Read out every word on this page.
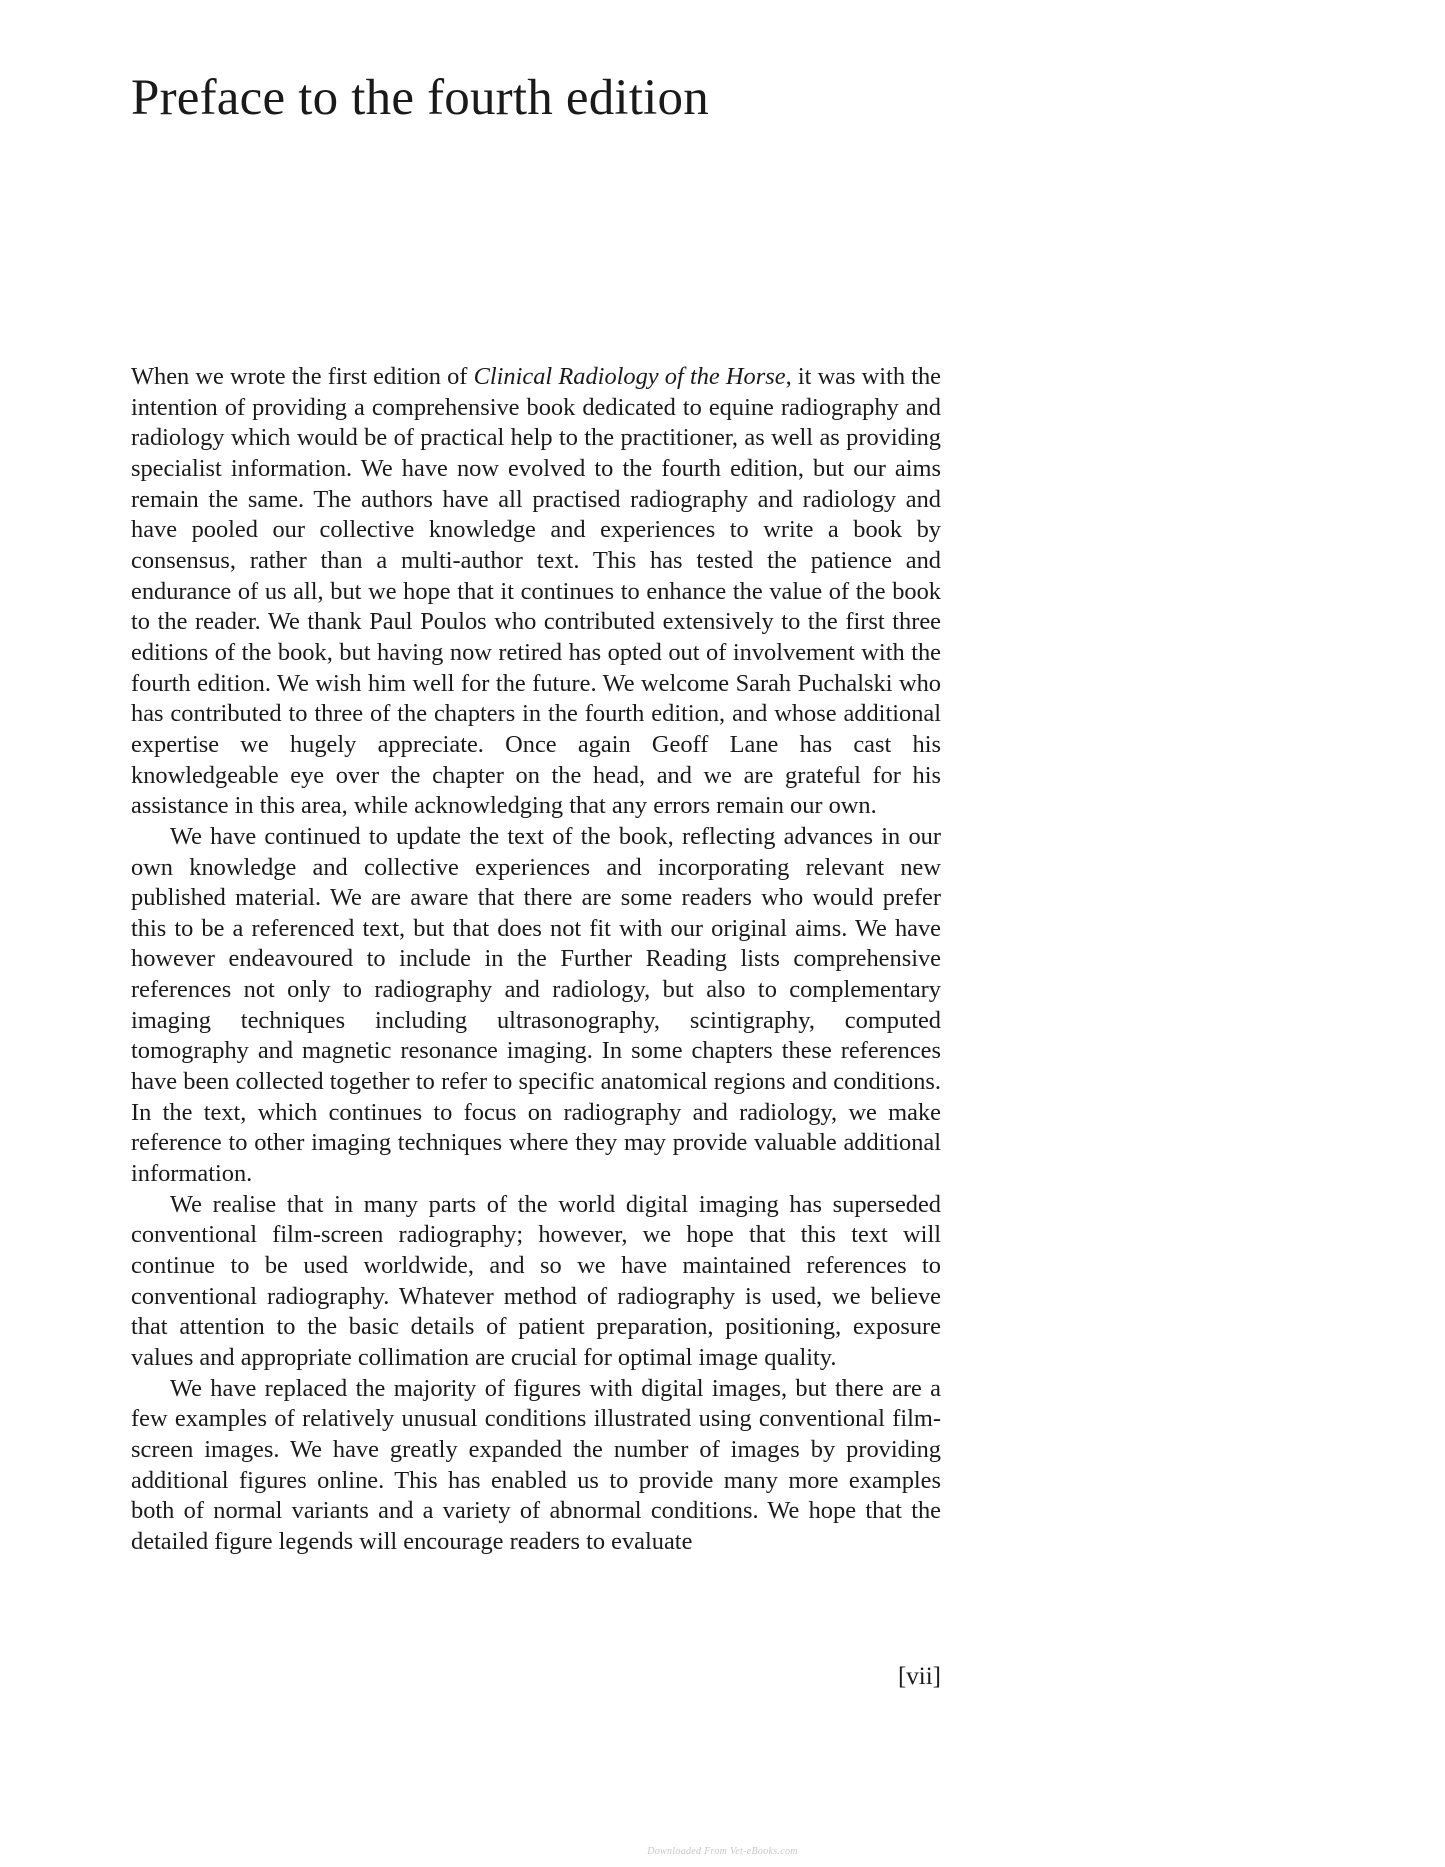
Preface to the fourth edition

When we wrote the first edition of Clinical Radiology of the Horse, it was with the intention of providing a comprehensive book dedicated to equine radiography and radiology which would be of practical help to the practitioner, as well as providing specialist information. We have now evolved to the fourth edition, but our aims remain the same. The authors have all practised radiography and radiology and have pooled our collective knowledge and experiences to write a book by consensus, rather than a multi-author text. This has tested the patience and endurance of us all, but we hope that it continues to enhance the value of the book to the reader. We thank Paul Poulos who contributed extensively to the first three editions of the book, but having now retired has opted out of involvement with the fourth edition. We wish him well for the future. We welcome Sarah Puchalski who has contributed to three of the chapters in the fourth edition, and whose additional expertise we hugely appreciate. Once again Geoff Lane has cast his knowledgeable eye over the chapter on the head, and we are grateful for his assistance in this area, while acknowledging that any errors remain our own.

We have continued to update the text of the book, reflecting advances in our own knowledge and collective experiences and incorporating relevant new published material. We are aware that there are some readers who would prefer this to be a referenced text, but that does not fit with our original aims. We have however endeavoured to include in the Further Reading lists comprehensive references not only to radiography and radiology, but also to complementary imaging techniques including ultrasonography, scintigraphy, computed tomography and magnetic resonance imaging. In some chapters these references have been collected together to refer to specific anatomical regions and conditions. In the text, which continues to focus on radiography and radiology, we make reference to other imaging techniques where they may provide valuable additional information.

We realise that in many parts of the world digital imaging has superseded conventional film-screen radiography; however, we hope that this text will continue to be used worldwide, and so we have maintained references to conventional radiography. Whatever method of radiography is used, we believe that attention to the basic details of patient preparation, positioning, exposure values and appropriate collimation are crucial for optimal image quality.

We have replaced the majority of figures with digital images, but there are a few examples of relatively unusual conditions illustrated using conventional film-screen images. We have greatly expanded the number of images by providing additional figures online. This has enabled us to provide many more examples both of normal variants and a variety of abnormal conditions. We hope that the detailed figure legends will encourage readers to evaluate

[vii]
Downloaded From Vet-eBooks.com
